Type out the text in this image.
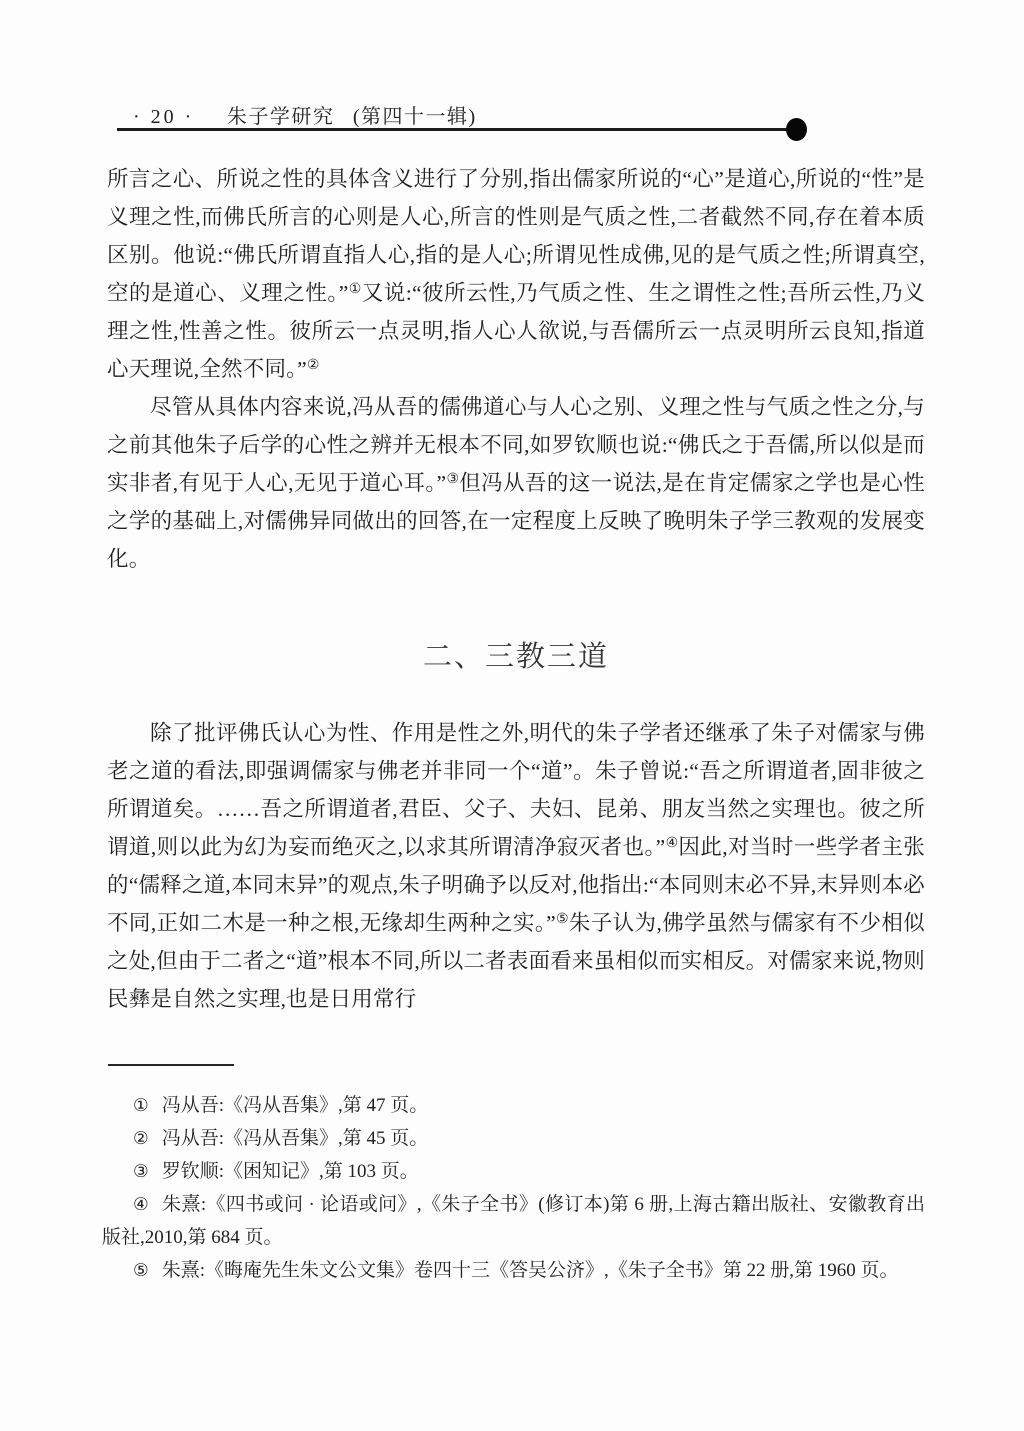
· 20 · 朱子学研究 (第四十一辑)

所言之心、所说之性的具体含义进行了分别,指出儒家所说的“心”是道心,所说的“性”是义理之性,而佛氏所言的心则是人心,所言的性则是气质之性,二者截然不同,存在着本质区别。他说:“佛氏所谓直指人心,指的是人心;所谓见性成佛,见的是气质之性;所谓真空,空的是道心、义理之性。”①又说:“彼所云性,乃气质之性、生之谓性之性;吾所云性,乃义理之性,性善之性。彼所云一点灵明,指人心人欲说,与吾儒所云一点灵明所云良知,指道心天理说,全然不同。”②

尽管从具体内容来说,冯从吾的儒佛道心与人心之别、义理之性与气质之性之分,与之前其他朱子后学的心性之辨并无根本不同,如罗钦顺也说:“佛氏之于吾儒,所以似是而实非者,有见于人心,无见于道心耳。”③但冯从吾的这一说法,是在肯定儒家之学也是心性之学的基础上,对儒佛异同做出的回答,在一定程度上反映了晚明朱子学三教观的发展变化。

二、三教三道

除了批评佛氏认心为性、作用是性之外,明代的朱子学者还继承了朱子对儒家与佛老之道的看法,即强调儒家与佛老并非同一个“道”。朱子曾说:“吾之所谓道者,固非彼之所谓道矣。……吾之所谓道者,君臣、父子、夫妇、昆弟、朋友当然之实理也。彼之所谓道,则以此为幻为妄而绝灭之,以求其所谓清净寂灭者也。”④因此,对当时一些学者主张的“儒释之道,本同末异”的观点,朱子明确予以反对,他指出:“本同则末必不异,末异则本必不同,正如二木是一种之根,无缘却生两种之实。”⑤朱子认为,佛学虽然与儒家有不少相似之处,但由于二者之“道”根本不同,所以二者表面看来虽相似而实相反。对儒家来说,物则民彝是自然之实理,也是日用常行

① 冯从吾:《冯从吾集》,第 47 页。

② 冯从吾:《冯从吾集》,第 45 页。

③ 罗钦顺:《困知记》,第 103 页。

④ 朱熹:《四书或问 · 论语或问》,《朱子全书》(修订本)第 6 册,上海古籍出版社、安徽教育出版社,2010,第 684 页。

⑤ 朱熹:《晦庵先生朱文公文集》卷四十三《答吴公济》,《朱子全书》第 22 册,第 1960 页。
